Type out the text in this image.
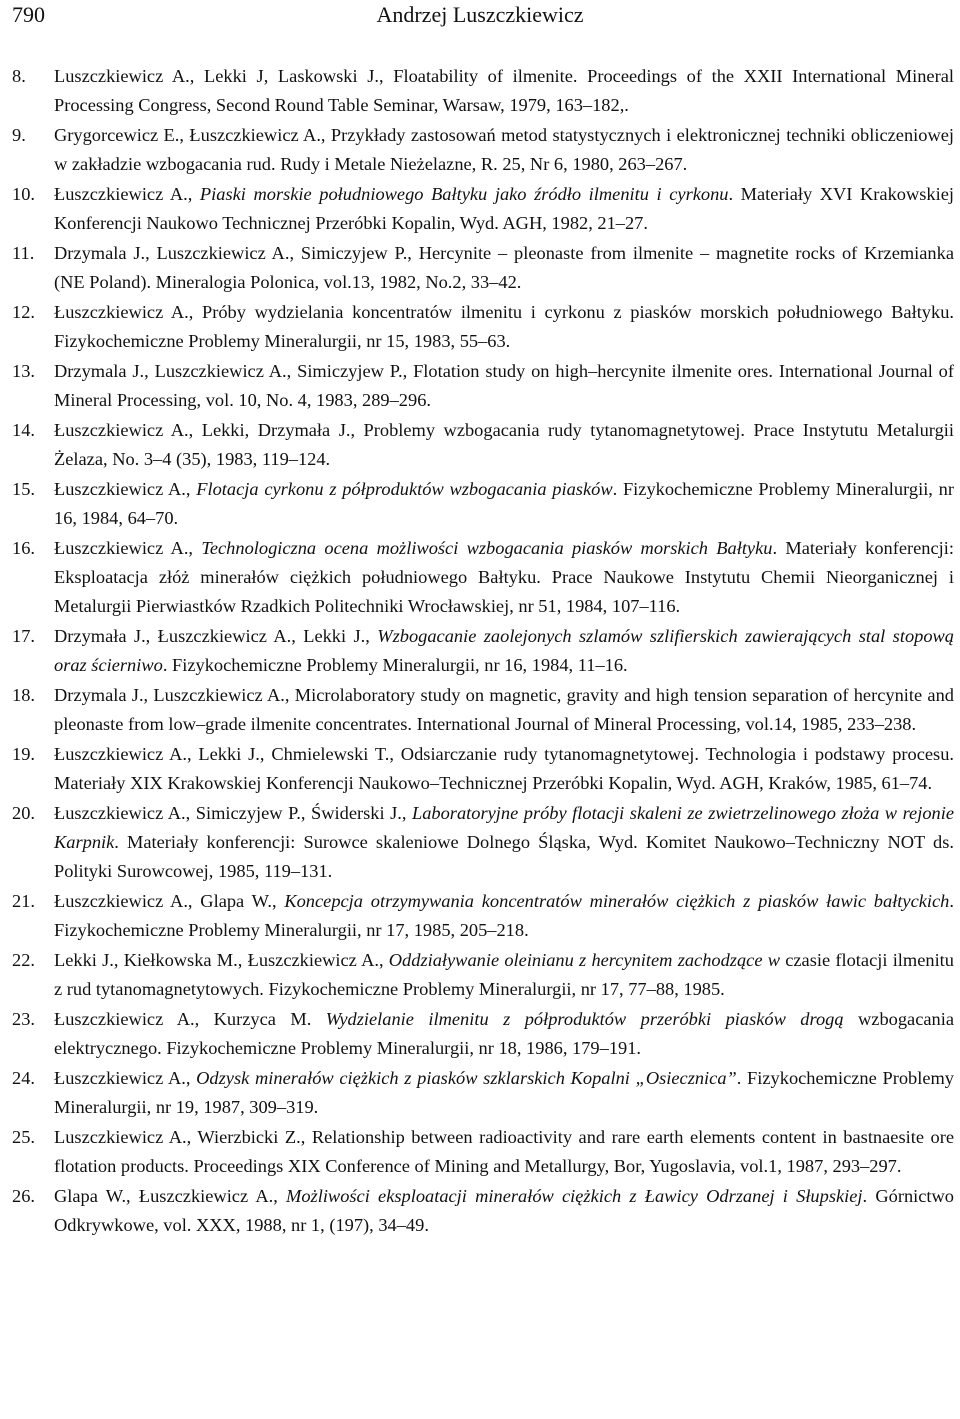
790	Andrzej Luszczkiewicz
8. Luszczkiewicz A., Lekki J, Laskowski J., Floatability of ilmenite. Proceedings of the XXII International Mineral Processing Congress, Second Round Table Seminar, Warsaw, 1979, 163–182,.
9. Grygorcewicz E., Łuszczkiewicz A., Przykłady zastosowań metod statystycznych i elektronicznej techniki obliczeniowej w zakładzie wzbogacania rud. Rudy i Metale Nieżelazne, R. 25, Nr 6, 1980, 263–267.
10. Łuszczkiewicz A., Piaski morskie południowego Bałtyku jako źródło ilmenitu i cyrkonu. Materiały XVI Krakowskiej Konferencji Naukowo Technicznej Przeróbki Kopalin, Wyd. AGH, 1982, 21–27.
11. Drzymala J., Luszczkiewicz A., Simiczyjew P., Hercynite – pleonaste from ilmenite – magnetite rocks of Krzemianka (NE Poland). Mineralogia Polonica, vol.13, 1982, No.2, 33–42.
12. Łuszczkiewicz A., Próby wydzielania koncentratów ilmenitu i cyrkonu z piasków morskich południowego Bałtyku. Fizykochemiczne Problemy Mineralurgii, nr 15, 1983, 55–63.
13. Drzymala J., Luszczkiewicz A., Simiczyjew P., Flotation study on high–hercynite ilmenite ores. International Journal of Mineral Processing, vol. 10, No. 4, 1983, 289–296.
14. Łuszczkiewicz A., Lekki, Drzymała J., Problemy wzbogacania rudy tytanomagnetytowej. Prace Instytutu Metalurgii Żelaza, No. 3–4 (35), 1983, 119–124.
15. Łuszczkiewicz A., Flotacja cyrkonu z półproduktów wzbogacania piasków. Fizykochemiczne Problemy Mineralurgii, nr 16, 1984, 64–70.
16. Łuszczkiewicz A., Technologiczna ocena możliwości wzbogacania piasków morskich Bałtyku. Materiały konferencji: Eksploatacja złóż minerałów ciężkich południowego Bałtyku. Prace Naukowe Instytutu Chemii Nieorganicznej i Metalurgii Pierwiastków Rzadkich Politechniki Wrocławskiej, nr 51, 1984, 107–116.
17. Drzymała J., Łuszczkiewicz A., Lekki J., Wzbogacanie zaolejonych szlamów szlifierskich zawierających stal stopową oraz ścierniwo. Fizykochemiczne Problemy Mineralurgii, nr 16, 1984, 11–16.
18. Drzymala J., Luszczkiewicz A., Microlaboratory study on magnetic, gravity and high tension separation of hercynite and pleonaste from low–grade ilmenite concentrates. International Journal of Mineral Processing, vol.14, 1985, 233–238.
19. Łuszczkiewicz A., Lekki J., Chmielewski T., Odsiarczanie rudy tytanomagnetytowej. Technologia i podstawy procesu. Materiały XIX Krakowskiej Konferencji Naukowo–Technicznej Przeróbki Kopalin, Wyd. AGH, Kraków, 1985, 61–74.
20. Łuszczkiewicz A., Simiczyjew P., Świderski J., Laboratoryjne próby flotacji skaleni ze zwietrzelinowego złoża w rejonie Karpnik. Materiały konferencji: Surowce skaleniowe Dolnego Śląska, Wyd. Komitet Naukowo–Techniczny NOT ds. Polityki Surowcowej, 1985, 119–131.
21. Łuszczkiewicz A., Glapa W., Koncepcja otrzymywania koncentratów minerałów ciężkich z piasków ławic bałtyckich. Fizykochemiczne Problemy Mineralurgii, nr 17, 1985, 205–218.
22. Lekki J., Kiełkowska M., Łuszczkiewicz A., Oddziaływanie oleinianu z hercynitem zachodzące w czasie flotacji ilmenitu z rud tytanomagnetytowych. Fizykochemiczne Problemy Mineralurgii, nr 17, 77–88, 1985.
23. Łuszczkiewicz A., Kurzyca M. Wydzielanie ilmenitu z półproduktów przeróbki piasków drogą wzbogacania elektrycznego. Fizykochemiczne Problemy Mineralurgii, nr 18, 1986, 179–191.
24. Łuszczkiewicz A., Odzysk minerałów ciężkich z piasków szklarskich Kopalni „Osiecznica”. Fizykochemiczne Problemy Mineralurgii, nr 19, 1987, 309–319.
25. Luszczkiewicz A., Wierzbicki Z., Relationship between radioactivity and rare earth elements content in bastnaesite ore flotation products. Proceedings XIX Conference of Mining and Metallurgy, Bor, Yugoslavia, vol.1, 1987, 293–297.
26. Glapa W., Łuszczkiewicz A., Możliwości eksploatacji minerałów ciężkich z Ławicy Odrzanej i Słupskiej. Górnictwo Odkrywkowe, vol. XXX, 1988, nr 1, (197), 34–49.
